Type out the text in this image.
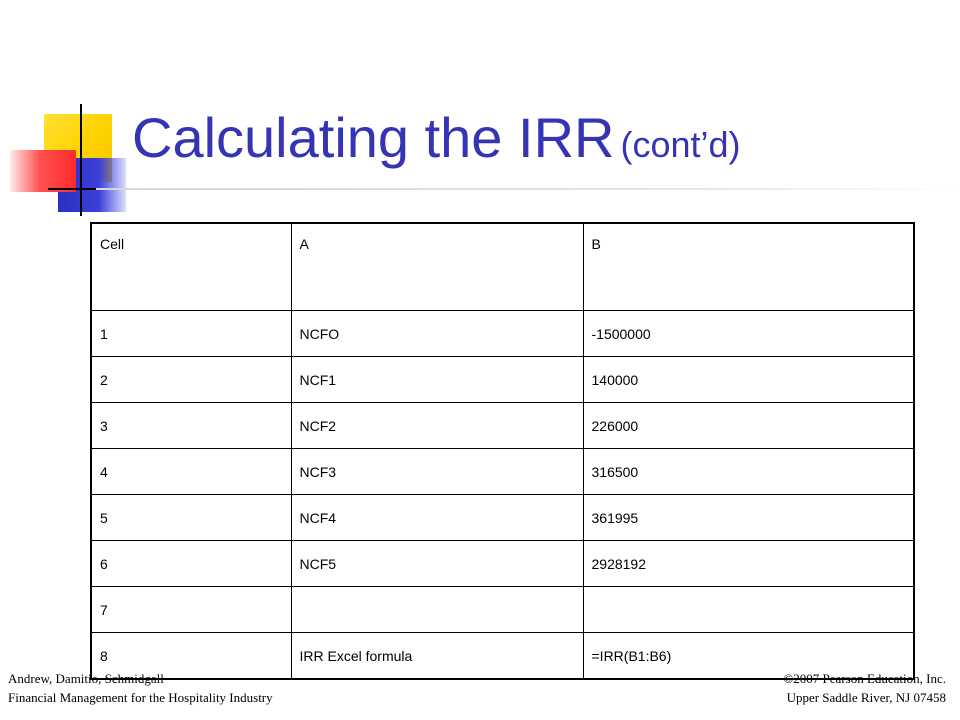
Calculating the IRR (cont’d)
Cell	A	B
1	NCFO	-1500000
2	NCF1	140000
3	NCF2	226000
4	NCF3	316500
5	NCF4	361995
6	NCF5	2928192
7		
8	IRR Excel formula	=IRR(B1:B6)
Andrew, Damitio, Schmidgall
Financial Management for the Hospitality Industry
©2007 Pearson Education, Inc.
Upper Saddle River, NJ 07458
